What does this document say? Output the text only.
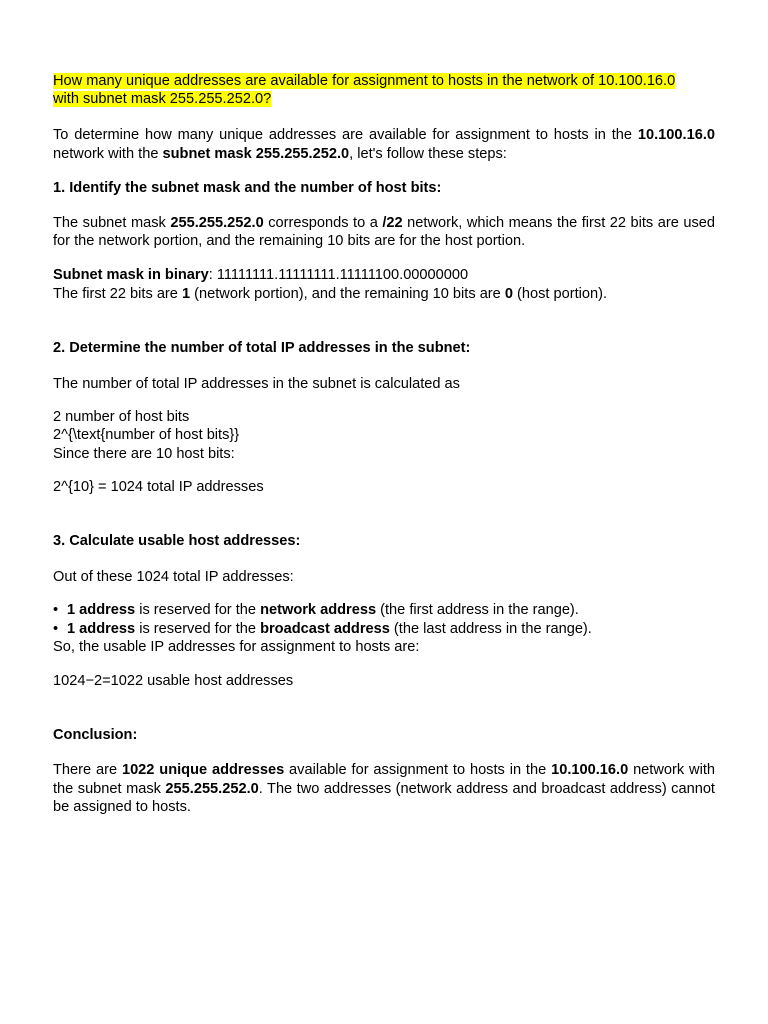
How many unique addresses are available for assignment to hosts in the network of 10.100.16.0
with subnet mask 255.255.252.0?

To determine how many unique addresses are available for assignment to hosts in the 10.100.16.0 network with the subnet mask 255.255.252.0, let's follow these steps:

1. Identify the subnet mask and the number of host bits:

The subnet mask 255.255.252.0 corresponds to a /22 network, which means the first 22 bits are used for the network portion, and the remaining 10 bits are for the host portion.

Subnet mask in binary: 11111111.11111111.11111100.00000000
The first 22 bits are 1 (network portion), and the remaining 10 bits are 0 (host portion).

2. Determine the number of total IP addresses in the subnet:

The number of total IP addresses in the subnet is calculated as

2 number of host bits
2^{\text{number of host bits}}
Since there are 10 host bits:

2^{10} = 1024 total IP addresses

3. Calculate usable host addresses:

Out of these 1024 total IP addresses:

• 1 address is reserved for the network address (the first address in the range).
• 1 address is reserved for the broadcast address (the last address in the range).
So, the usable IP addresses for assignment to hosts are:

1024−2=1022 usable host addresses

Conclusion:

There are 1022 unique addresses available for assignment to hosts in the 10.100.16.0 network with the subnet mask 255.255.252.0. The two addresses (network address and broadcast address) cannot be assigned to hosts.
